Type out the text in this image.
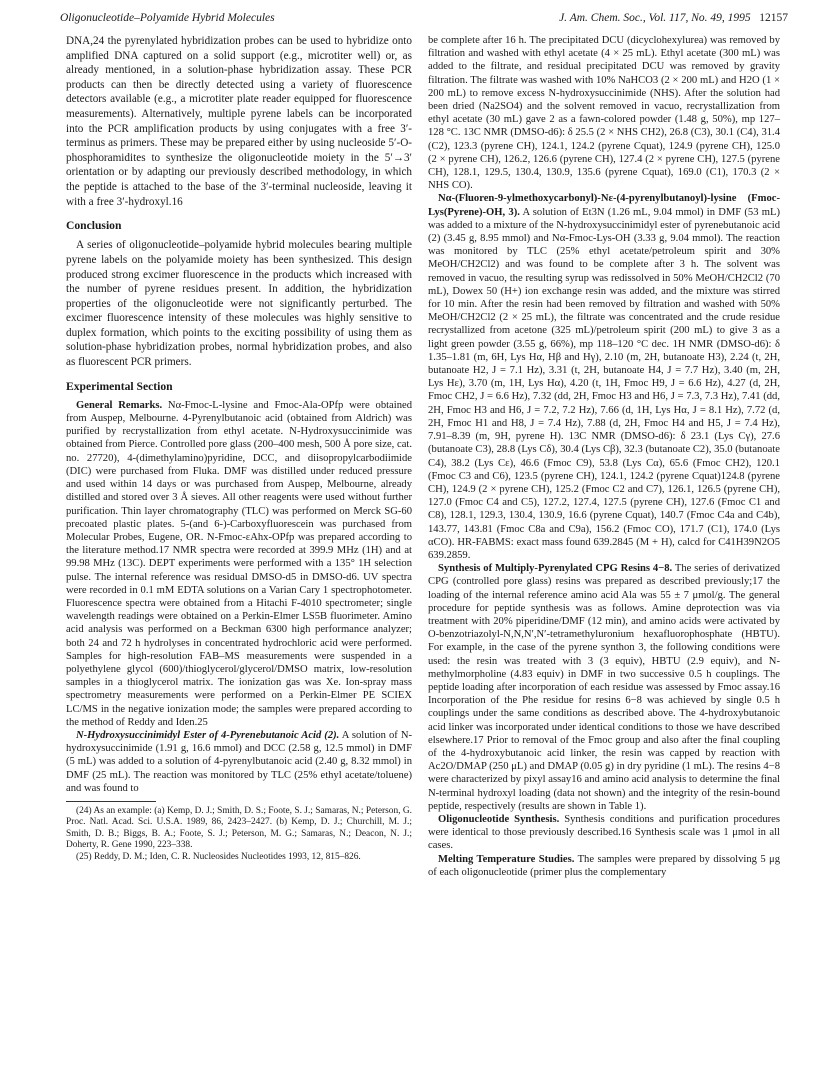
Oligonucleotide–Polyamide Hybrid Molecules	J. Am. Chem. Soc., Vol. 117, No. 49, 1995 12157

DNA,24 the pyrenylated hybridization probes can be used to hybridize onto amplified DNA captured on a solid support (e.g., microtiter well) or, as already mentioned, in a solution-phase hybridization assay. These PCR products can then be directly detected using a variety of fluorescence detectors available (e.g., a microtiter plate reader equipped for fluorescence measurements). Alternatively, multiple pyrene labels can be incorporated into the PCR amplification products by using conjugates with a free 3′-terminus as primers. These may be prepared either by using nucleoside 5′-O-phosphoramidites to synthesize the oligonucleotide moiety in the 5′→3′ orientation or by adapting our previously described methodology, in which the peptide is attached to the base of the 3′-terminal nucleoside, leaving it with a free 3′-hydroxyl.16

Conclusion

A series of oligonucleotide–polyamide hybrid molecules bearing multiple pyrene labels on the polyamide moiety has been synthesized. This design produced strong excimer fluorescence in the products which increased with the number of pyrene residues present. In addition, the hybridization properties of the oligonucleotide were not significantly perturbed. The excimer fluorescence intensity of these molecules was highly sensitive to duplex formation, which points to the exciting possibility of using them as solution-phase hybridization probes, normal hybridization probes, and also as fluorescent PCR primers.

Experimental Section

General Remarks. Nα-Fmoc-L-lysine and Fmoc-Ala-OPfp were obtained from Auspep, Melbourne. 4-Pyrenylbutanoic acid (obtained from Aldrich) was purified by recrystallization from ethyl acetate. N-Hydroxysuccinimide was obtained from Pierce. Controlled pore glass (200–400 mesh, 500 Å pore size, cat. no. 27720), 4-(dimethylamino)pyridine, DCC, and diisopropylcarbodiimide (DIC) were purchased from Fluka. DMF was distilled under reduced pressure and used within 14 days or was purchased from Auspep, Melbourne, already distilled and stored over 3 Å sieves. All other reagents were used without further purification. Thin layer chromatography (TLC) was performed on Merck SG-60 precoated plastic plates. 5-(and 6-)-Carboxyfluorescein was purchased from Molecular Probes, Eugene, OR. N-Fmoc-εAhx-OPfp was prepared according to the literature method.17 NMR spectra were recorded at 399.9 MHz (1H) and at 99.98 MHz (13C). DEPT experiments were performed with a 135° 1H selection pulse. The internal reference was residual DMSO-d5 in DMSO-d6. UV spectra were recorded in 0.1 mM EDTA solutions on a Varian Cary 1 spectrophotometer. Fluorescence spectra were obtained from a Hitachi F-4010 spectrometer; single wavelength readings were obtained on a Perkin-Elmer LS5B fluorimeter. Amino acid analysis was performed on a Beckman 6300 high performance analyzer; both 24 and 72 h hydrolyses in concentrated hydrochloric acid were performed. Samples for high-resolution FAB–MS measurements were suspended in a polyethylene glycol (600)/thioglycerol/glycerol/DMSO matrix, low-resolution samples in a thioglycerol matrix. The ionization gas was Xe. Ion-spray mass spectrometry measurements were performed on a Perkin-Elmer PE SCIEX LC/MS in the negative ionization mode; the samples were prepared according to the method of Reddy and Iden.25

N-Hydroxysuccinimidyl Ester of 4-Pyrenebutanoic Acid (2). A solution of N-hydroxysuccinimide (1.91 g, 16.6 mmol) and DCC (2.58 g, 12.5 mmol) in DMF (5 mL) was added to a solution of 4-pyrenylbutanoic acid (2.40 g, 8.32 mmol) in DMF (25 mL). The reaction was monitored by TLC (25% ethyl acetate/toluene) and was found to

(24) As an example: (a) Kemp, D. J.; Smith, D. S.; Foote, S. J.; Samaras, N.; Peterson, G. Proc. Natl. Acad. Sci. U.S.A. 1989, 86, 2423–2427. (b) Kemp, D. J.; Churchill, M. J.; Smith, D. B.; Biggs, B. A.; Foote, S. J.; Peterson, M. G.; Samaras, N.; Deacon, N. J.; Doherty, R. Gene 1990, 223–338.

(25) Reddy, D. M.; Iden, C. R. Nucleosides Nucleotides 1993, 12, 815–826.

be complete after 16 h. The precipitated DCU (dicyclohexylurea) was removed by filtration and washed with ethyl acetate (4 × 25 mL). Ethyl acetate (300 mL) was added to the filtrate, and residual precipitated DCU was removed by gravity filtration. The filtrate was washed with 10% NaHCO3 (2 × 200 mL) and H2O (1 × 200 mL) to remove excess N-hydroxysuccinimide (NHS). After the solution had been dried (Na2SO4) and the solvent removed in vacuo, recrystallization from ethyl acetate (30 mL) gave 2 as a fawn-colored powder (1.48 g, 50%), mp 127–128 °C. 13C NMR (DMSO-d6): δ 25.5 (2 × NHS CH2), 26.8 (C3), 30.1 (C4), 31.4 (C2), 123.3 (pyrene CH), 124.1, 124.2 (pyrene Cquat), 124.9 (pyrene CH), 125.0 (2 × pyrene CH), 126.2, 126.6 (pyrene CH), 127.4 (2 × pyrene CH), 127.5 (pyrene CH), 128.1, 129.5, 130.4, 130.9, 135.6 (pyrene Cquat), 169.0 (C1), 170.3 (2 × NHS CO).

Nα-(Fluoren-9-ylmethoxycarbonyl)-Nε-(4-pyrenylbutanoyl)-lysine (Fmoc-Lys(Pyrene)-OH, 3). A solution of Et3N (1.26 mL, 9.04 mmol) in DMF (53 mL) was added to a mixture of the N-hydroxysuccinimidyl ester of pyrenebutanoic acid (2) (3.45 g, 8.95 mmol) and Nα-Fmoc-Lys-OH (3.33 g, 9.04 mmol). The reaction was monitored by TLC (25% ethyl acetate/petroleum spirit and 30% MeOH/CH2Cl2) and was found to be complete after 3 h. The solvent was removed in vacuo, the resulting syrup was redissolved in 50% MeOH/CH2Cl2 (70 mL), Dowex 50 (H+) ion exchange resin was added, and the mixture was stirred for 10 min. After the resin had been removed by filtration and washed with 50% MeOH/CH2Cl2 (2 × 25 mL), the filtrate was concentrated and the crude residue recrystallized from acetone (325 mL)/petroleum spirit (200 mL) to give 3 as a light green powder (3.55 g, 66%), mp 118–120 °C dec. 1H NMR (DMSO-d6): δ 1.35–1.81 (m, 6H, Lys Hα, Hβ and Hγ), 2.10 (m, 2H, butanoate H3), 2.24 (t, 2H, butanoate H2, J = 7.1 Hz), 3.31 (t, 2H, butanoate H4, J = 7.7 Hz), 3.40 (m, 2H, Lys Hε), 3.70 (m, 1H, Lys Hα), 4.20 (t, 1H, Fmoc H9, J = 6.6 Hz), 4.27 (d, 2H, Fmoc CH2, J = 6.6 Hz), 7.32 (dd, 2H, Fmoc H3 and H6, J = 7.3, 7.3 Hz), 7.41 (dd, 2H, Fmoc H3 and H6, J = 7.2, 7.2 Hz), 7.66 (d, 1H, Lys Hα, J = 8.1 Hz), 7.72 (d, 2H, Fmoc H1 and H8, J = 7.4 Hz), 7.88 (d, 2H, Fmoc H4 and H5, J = 7.4 Hz), 7.91–8.39 (m, 9H, pyrene H). 13C NMR (DMSO-d6): δ 23.1 (Lys Cγ), 27.6 (butanoate C3), 28.8 (Lys Cδ), 30.4 (Lys Cβ), 32.3 (butanoate C2), 35.0 (butanoate C4), 38.2 (Lys Cε), 46.6 (Fmoc C9), 53.8 (Lys Cα), 65.6 (Fmoc CH2), 120.1 (Fmoc C3 and C6), 123.5 (pyrene CH), 124.1, 124.2 (pyrene Cquat)124.8 (pyrene CH), 124.9 (2 × pyrene CH), 125.2 (Fmoc C2 and C7), 126.1, 126.5 (pyrene CH), 127.0 (Fmoc C4 and C5), 127.2, 127.4, 127.5 (pyrene CH), 127.6 (Fmoc C1 and C8), 128.1, 129.3, 130.4, 130.9, 16.6 (pyrene Cquat), 140.7 (Fmoc C4a and C4b), 143.77, 143.81 (Fmoc C8a and C9a), 156.2 (Fmoc CO), 171.7 (C1), 174.0 (Lys αCO). HR-FABMS: exact mass found 639.2845 (M + H), calcd for C41H39N2O5 639.2859.

Synthesis of Multiply-Pyrenylated CPG Resins 4−8. The series of derivatized CPG (controlled pore glass) resins was prepared as described previously;17 the loading of the internal reference amino acid Ala was 55 ± 7 μmol/g. The general procedure for peptide synthesis was as follows. Amine deprotection was via treatment with 20% piperidine/DMF (12 min), and amino acids were activated by O-benzotriazolyl-N,N,N′,N′-tetramethyluronium hexafluorophosphate (HBTU). For example, in the case of the pyrene synthon 3, the following conditions were used: the resin was treated with 3 (3 equiv), HBTU (2.9 equiv), and N-methylmorpholine (4.83 equiv) in DMF in two successive 0.5 h couplings. The peptide loading after incorporation of each residue was assessed by Fmoc assay.16 Incorporation of the Phe residue for resins 6−8 was achieved by single 0.5 h couplings under the same conditions as described above. The 4-hydroxybutanoic acid linker was incorporated under identical conditions to those we have described elsewhere.17 Prior to removal of the Fmoc group and also after the final coupling of the 4-hydroxybutanoic acid linker, the resin was capped by reaction with Ac2O/DMAP (250 μL) and DMAP (0.05 g) in dry pyridine (1 mL). The resins 4−8 were characterized by pixyl assay16 and amino acid analysis to determine the final N-terminal hydroxyl loading (data not shown) and the integrity of the resin-bound peptide, respectively (results are shown in Table 1).

Oligonucleotide Synthesis. Synthesis conditions and purification procedures were identical to those previously described.16 Synthesis scale was 1 μmol in all cases.

Melting Temperature Studies. The samples were prepared by dissolving 5 μg of each oligonucleotide (primer plus the complementary
